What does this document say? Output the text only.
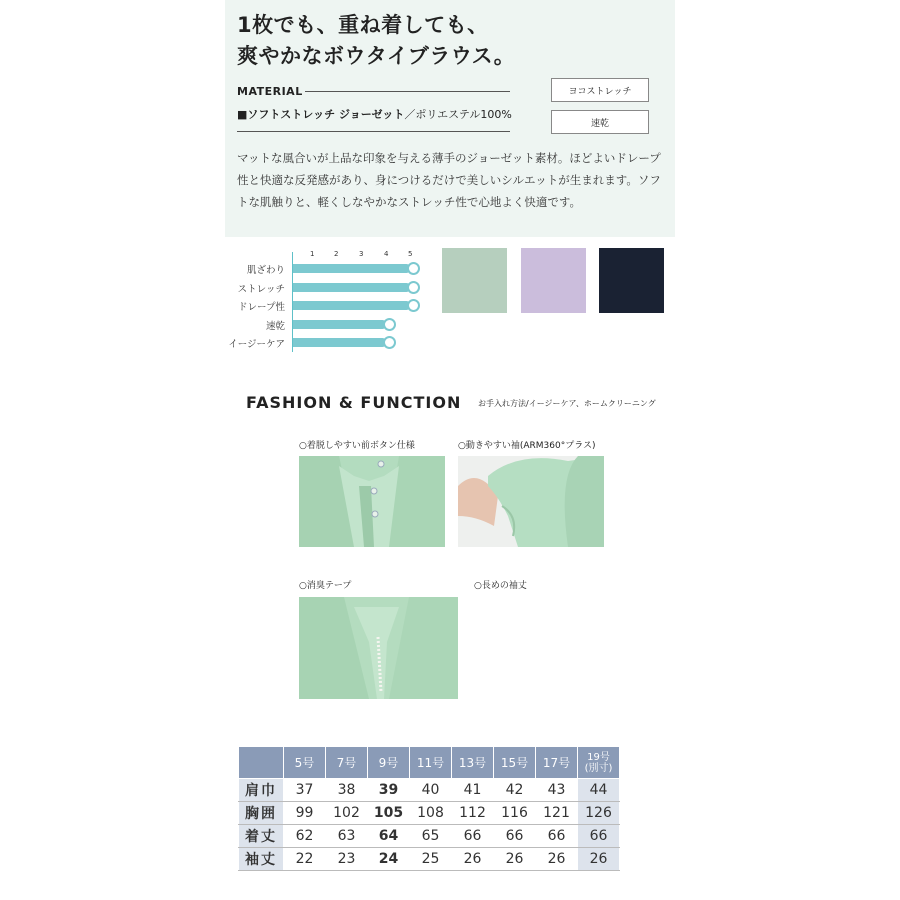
1枚でも、重ね着しても、
爽やかなボウタイブラウス。
MATERIAL
■ソフトストレッチ ジョーゼット／ポリエステル100%
ヨコストレッチ
速乾
マットな風合いが上品な印象を与える薄手のジョーゼット素材。ほどよいドレープ性と快適な反発感があり、身につけるだけで美しいシルエットが生まれます。ソフトな肌触りと、軽くしなやかなストレッチ性で心地よく快適です。
1	2	3	4	5
肌ざわり
ストレッチ
ドレープ性
速乾
イージーケア
FASHION & FUNCTION お手入れ方法/イージーケア、ホームクリーニング
○着脱しやすい前ボタン仕様	○動きやすい袖(ARM360°プラス)
○消臭テープ	○長めの袖丈
	5号	7号	9号	11号	13号	15号	17号	19号
(別寸)

肩巾	37	38	39	40	41	42	43	44
胸囲	99	102	105	108	112	116	121	126
着丈	62	63	64	65	66	66	66	66
袖丈	22	23	24	25	26	26	26	26
